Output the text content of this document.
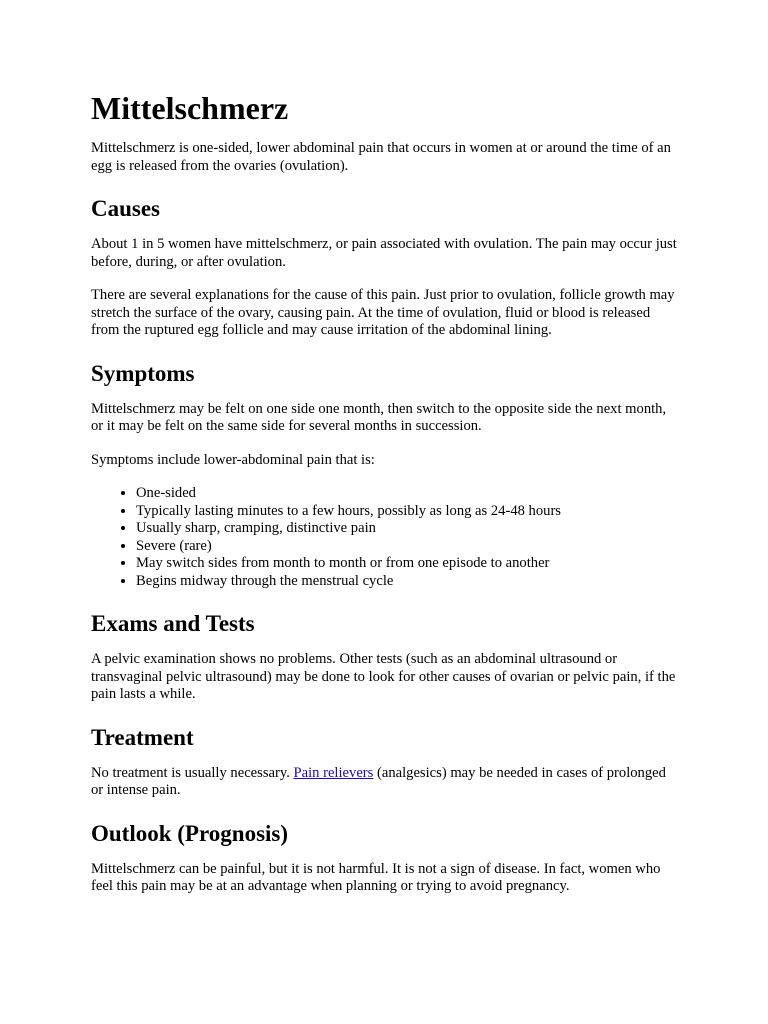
Mittelschmerz

Mittelschmerz is one-sided, lower abdominal pain that occurs in women at or around the time of an egg is released from the ovaries (ovulation).

Causes

About 1 in 5 women have mittelschmerz, or pain associated with ovulation. The pain may occur just before, during, or after ovulation.

There are several explanations for the cause of this pain. Just prior to ovulation, follicle growth may stretch the surface of the ovary, causing pain. At the time of ovulation, fluid or blood is released from the ruptured egg follicle and may cause irritation of the abdominal lining.

Symptoms

Mittelschmerz may be felt on one side one month, then switch to the opposite side the next month, or it may be felt on the same side for several months in succession.

Symptoms include lower-abdominal pain that is:

• One-sided
• Typically lasting minutes to a few hours, possibly as long as 24-48 hours
• Usually sharp, cramping, distinctive pain
• Severe (rare)
• May switch sides from month to month or from one episode to another
• Begins midway through the menstrual cycle
Exams and Tests

A pelvic examination shows no problems. Other tests (such as an abdominal ultrasound or transvaginal pelvic ultrasound) may be done to look for other causes of ovarian or pelvic pain, if the pain lasts a while.

Treatment

No treatment is usually necessary. Pain relievers (analgesics) may be needed in cases of prolonged or intense pain.

Outlook (Prognosis)

Mittelschmerz can be painful, but it is not harmful. It is not a sign of disease. In fact, women who feel this pain may be at an advantage when planning or trying to avoid pregnancy.
